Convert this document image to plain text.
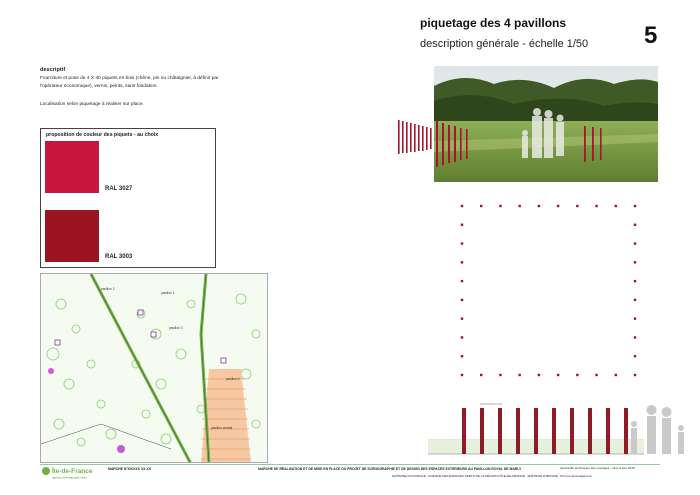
piquetage des 4 pavillons
description générale - échelle 1/50 5
descriptif
Fourniture et pose de 4 X 40 piquets en bois (chêne, pin ou châtaignier, à définir par l'opérateur économique), vernis, peints, sans fondation.
Localisation selon piquetage à réaliser sur place.
proposition de couleur des piquets - au choix
RAL 3027
RAL 3003
pavillon 1
pavillon 2
pavillon 3
pavillon 4
pavillon central
Île-de-France
agence des espaces verts
MARCHÉ N°XX/XXX XX-XX	MARCHÉ DE RÉALISATION ET DE MISE EN PLACE DU PROJET DE SCÉNOGRAPHIE ET DE DESIGN DES ESPACES EXTÉRIEURS AU PAVILLON ROYAL DE MARLY
MAÎTRISE D'OUVRAGE : AGENCE DES ESPACES VERTS DE LA RÉGION D'ÎLE-DE-FRANCE - MAÎTRISE D'ŒUVRE : Prior'ce Aménagement
descriptifs techniques des ouvrages - mise à jour 2019
